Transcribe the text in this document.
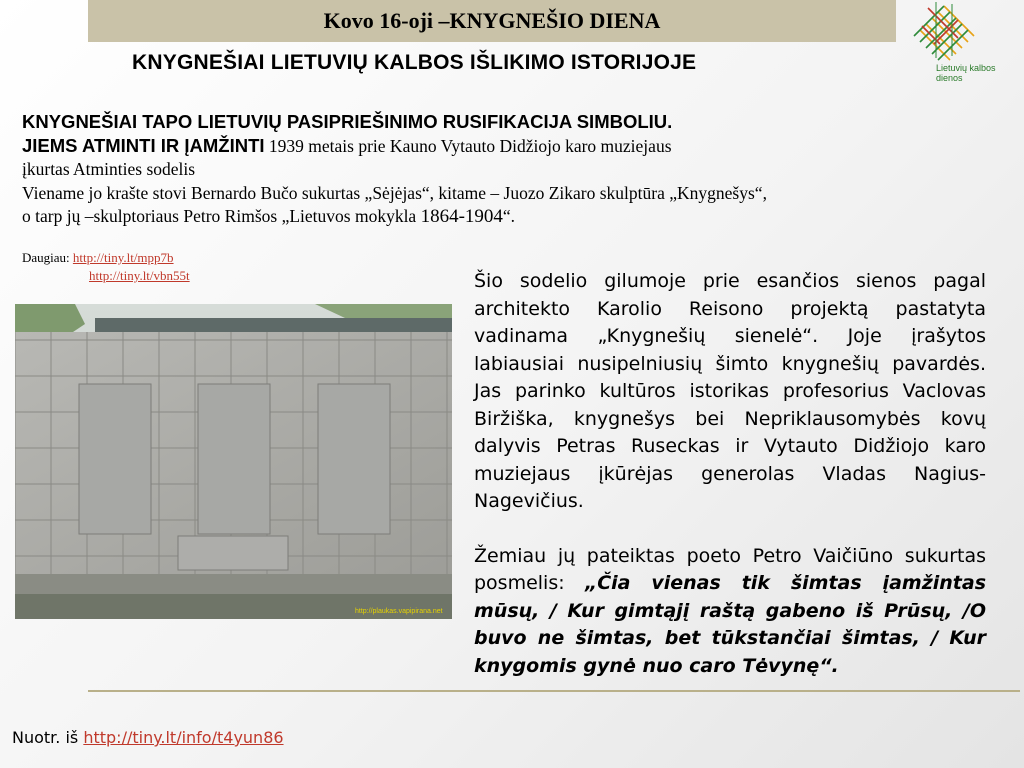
Kovo 16-oji –KNYGNEŠIO DIENA
KNYGNEŠIAI LIETUVIŲ KALBOS IŠLIKIMO ISTORIJOJE	Lietuvių kalbos dienos
KNYGNEŠIAI TAPO LIETUVIŲ PASIPRIEŠINIMO RUSIFIKACIJA SIMBOLIU.
JIEMS ATMINTI IR ĮAMŽINTI 1939 metais prie Kauno Vytauto Didžiojo karo muziejaus
įkurtas Atminties sodelis
Viename jo krašte stovi Bernardo Bučo sukurtas „Sėjėjas“, kitame – Juozo Zikaro skulptūra „Knygnešys“,
o tarp jų –skulptoriaus Petro Rimšos „Lietuvos mokykla 1864-1904“.
Daugiau: http://tiny.lt/mpp7b
http://tiny.lt/vbn55t
http://plaukas.vapipirana.net

Šio sodelio gilumoje prie esančios sienos pagal architekto Karolio Reisono projektą pastatyta vadinama „Knygnešių sienelė“. Joje įrašytos labiausiai nusipelniusių šimto knygnešių pavardės. Jas parinko kultūros istorikas profesorius Vaclovas Biržiška, knygnešys bei Nepriklausomybės kovų dalyvis Petras Ruseckas ir Vytauto Didžiojo karo muziejaus įkūrėjas generolas Vladas Nagius- Nagevičius.

Žemiau jų pateiktas poeto Petro Vaičiūno sukurtas posmelis: „Čia vienas tik šimtas įamžintas mūsų, / Kur gimtąjį raštą gabeno iš Prūsų, /O buvo ne šimtas, bet tūkstančiai šimtas, / Kur knygomis gynė nuo caro Tėvynę“.

Nuotr. iš http://tiny.lt/info/t4yun86
